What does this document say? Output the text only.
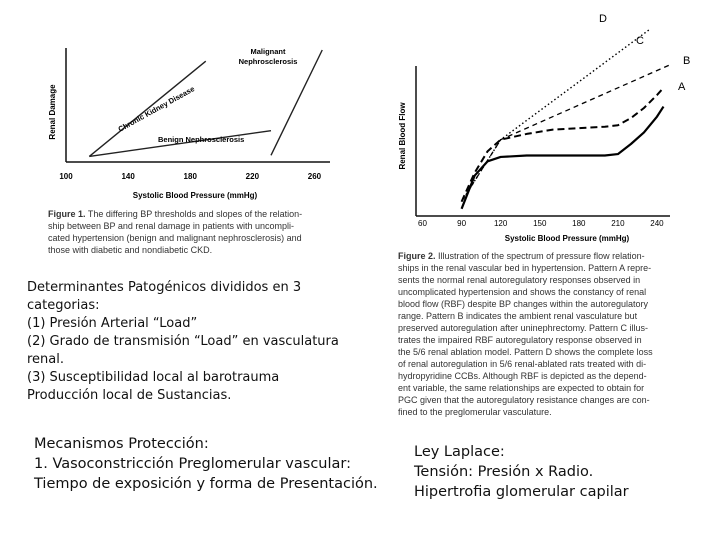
Renal Damage
100	140	180	220	260
Chronic Kidney Disease
Benign Nephrosclerosis
Malignant
Nephrosclerosis
Systolic Blood Pressure (mmHg)
Figure 1. The differing BP thresholds and slopes of the relation-
ship between BP and renal damage in patients with uncompli-
cated hypertension (benign and malignant nephrosclerosis) and
those with diabetic and nondiabetic CKD.
Renal Blood Flow
60	90	120	150	180	210	240
D
C
B
A
Systolic Blood Pressure (mmHg)
Figure 2. Illustration of the spectrum of pressure flow relation-
ships in the renal vascular bed in hypertension. Pattern A repre-
sents the normal renal autoregulatory responses observed in
uncomplicated hypertension and shows the constancy of renal
blood flow (RBF) despite BP changes within the autoregulatory
range. Pattern B indicates the ambient renal vasculature but
preserved autoregulation after uninephrectomy. Pattern C illus-
trates the impaired RBF autoregulatory response observed in
the 5/6 renal ablation model. Pattern D shows the complete loss
of renal autoregulation in 5/6 renal-ablated rats treated with di-
hydropyridine CCBs. Although RBF is depicted as the depend-
ent variable, the same relationships are expected to obtain for
PGC given that the autoregulatory resistance changes are con-
fined to the preglomerular vasculature.
Determinantes Patogénicos divididos en 3
categorias:
(1) Presión Arterial “Load”
(2) Grado de transmisión “Load” en vasculatura
renal.
(3) Susceptibilidad local al barotrauma
Producción local de Sustancias.
Mecanismos Protección:
1. Vasoconstricción Preglomerular vascular:
Tiempo de exposición y forma de Presentación.
Ley Laplace:
Tensión: Presión x Radio.
Hipertrofia glomerular capilar
